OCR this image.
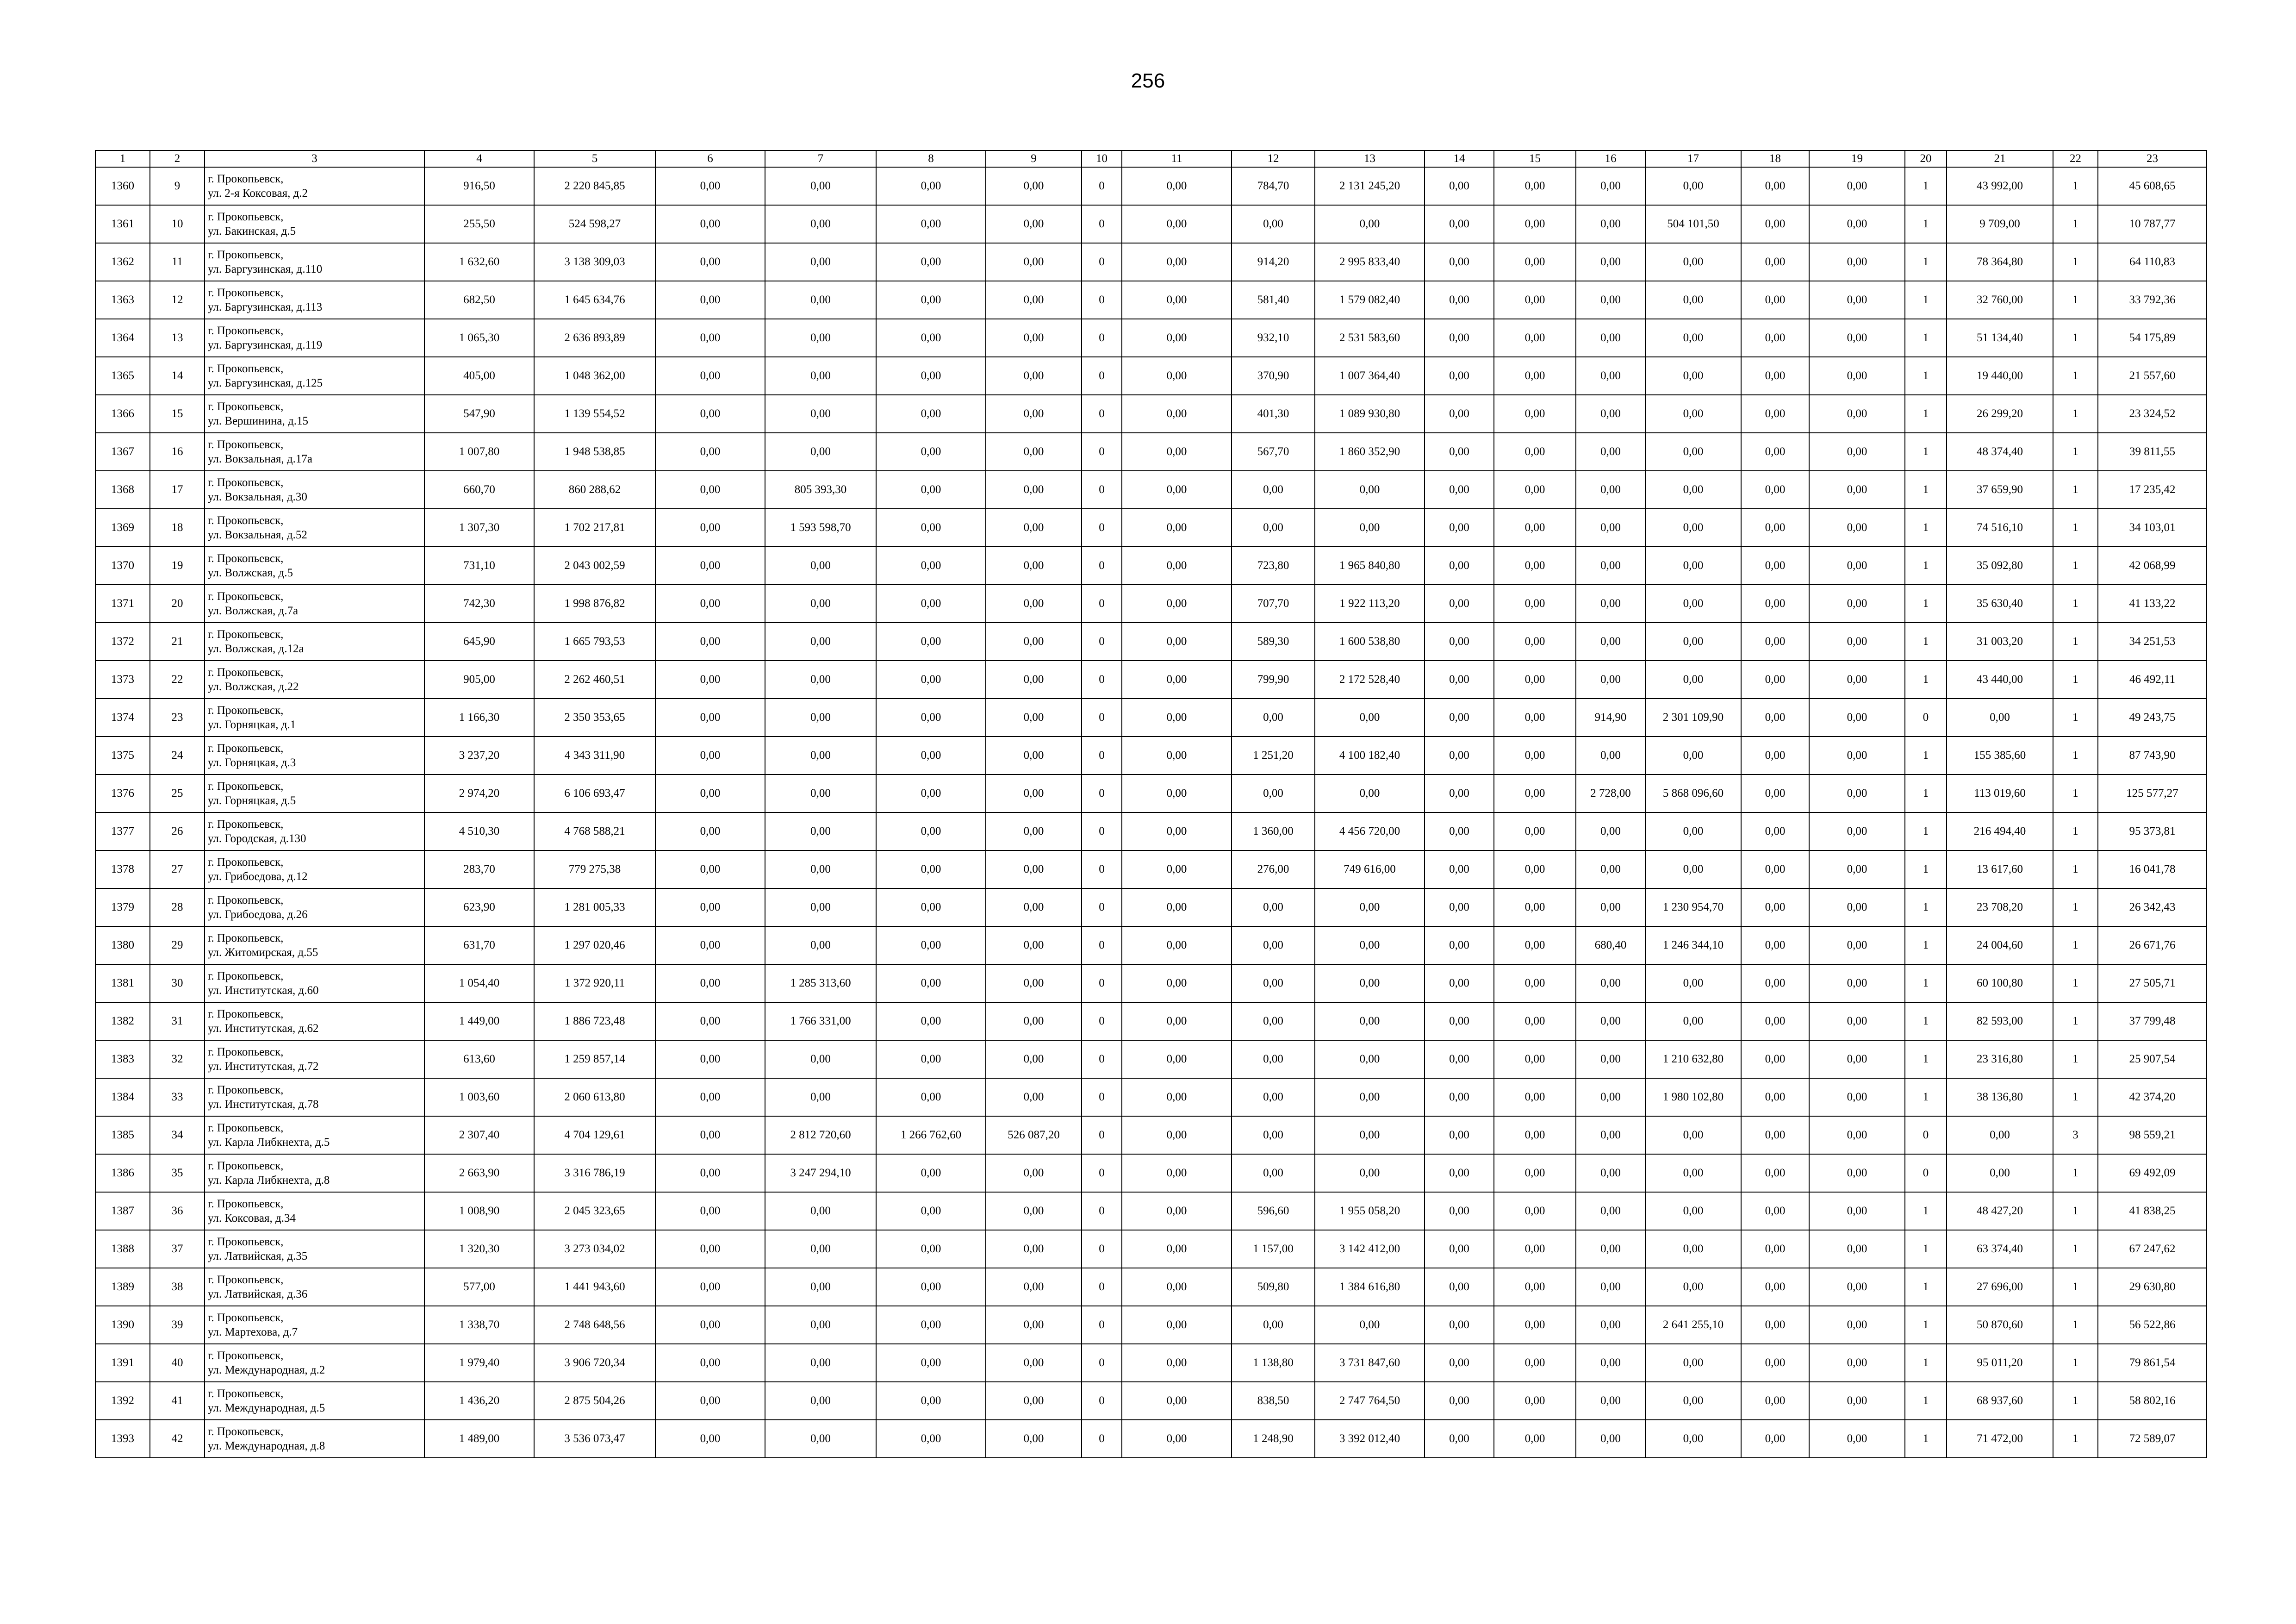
256
1	2	3	4	5	6	7	8	9	10	11	12	13	14	15	16	17	18	19	20	21	22	23
1360	9	г. Прокопьевск,
ул. 2-я Коксовая, д.2	916,50	2 220 845,85	0,00	0,00	0,00	0,00	0	0,00	784,70	2 131 245,20	0,00	0,00	0,00	0,00	0,00	0,00	1	43 992,00	1	45 608,65
1361	10	г. Прокопьевск,
ул. Бакинская, д.5	255,50	524 598,27	0,00	0,00	0,00	0,00	0	0,00	0,00	0,00	0,00	0,00	0,00	504 101,50	0,00	0,00	1	9 709,00	1	10 787,77
1362	11	г. Прокопьевск,
ул. Баргузинская, д.110	1 632,60	3 138 309,03	0,00	0,00	0,00	0,00	0	0,00	914,20	2 995 833,40	0,00	0,00	0,00	0,00	0,00	0,00	1	78 364,80	1	64 110,83
1363	12	г. Прокопьевск,
ул. Баргузинская, д.113	682,50	1 645 634,76	0,00	0,00	0,00	0,00	0	0,00	581,40	1 579 082,40	0,00	0,00	0,00	0,00	0,00	0,00	1	32 760,00	1	33 792,36
1364	13	г. Прокопьевск,
ул. Баргузинская, д.119	1 065,30	2 636 893,89	0,00	0,00	0,00	0,00	0	0,00	932,10	2 531 583,60	0,00	0,00	0,00	0,00	0,00	0,00	1	51 134,40	1	54 175,89
1365	14	г. Прокопьевск,
ул. Баргузинская, д.125	405,00	1 048 362,00	0,00	0,00	0,00	0,00	0	0,00	370,90	1 007 364,40	0,00	0,00	0,00	0,00	0,00	0,00	1	19 440,00	1	21 557,60
1366	15	г. Прокопьевск,
ул. Вершинина, д.15	547,90	1 139 554,52	0,00	0,00	0,00	0,00	0	0,00	401,30	1 089 930,80	0,00	0,00	0,00	0,00	0,00	0,00	1	26 299,20	1	23 324,52
1367	16	г. Прокопьевск,
ул. Вокзальная, д.17а	1 007,80	1 948 538,85	0,00	0,00	0,00	0,00	0	0,00	567,70	1 860 352,90	0,00	0,00	0,00	0,00	0,00	0,00	1	48 374,40	1	39 811,55
1368	17	г. Прокопьевск,
ул. Вокзальная, д.30	660,70	860 288,62	0,00	805 393,30	0,00	0,00	0	0,00	0,00	0,00	0,00	0,00	0,00	0,00	0,00	0,00	1	37 659,90	1	17 235,42
1369	18	г. Прокопьевск,
ул. Вокзальная, д.52	1 307,30	1 702 217,81	0,00	1 593 598,70	0,00	0,00	0	0,00	0,00	0,00	0,00	0,00	0,00	0,00	0,00	0,00	1	74 516,10	1	34 103,01
1370	19	г. Прокопьевск,
ул. Волжская, д.5	731,10	2 043 002,59	0,00	0,00	0,00	0,00	0	0,00	723,80	1 965 840,80	0,00	0,00	0,00	0,00	0,00	0,00	1	35 092,80	1	42 068,99
1371	20	г. Прокопьевск,
ул. Волжская, д.7а	742,30	1 998 876,82	0,00	0,00	0,00	0,00	0	0,00	707,70	1 922 113,20	0,00	0,00	0,00	0,00	0,00	0,00	1	35 630,40	1	41 133,22
1372	21	г. Прокопьевск,
ул. Волжская, д.12а	645,90	1 665 793,53	0,00	0,00	0,00	0,00	0	0,00	589,30	1 600 538,80	0,00	0,00	0,00	0,00	0,00	0,00	1	31 003,20	1	34 251,53
1373	22	г. Прокопьевск,
ул. Волжская, д.22	905,00	2 262 460,51	0,00	0,00	0,00	0,00	0	0,00	799,90	2 172 528,40	0,00	0,00	0,00	0,00	0,00	0,00	1	43 440,00	1	46 492,11
1374	23	г. Прокопьевск,
ул. Горняцкая, д.1	1 166,30	2 350 353,65	0,00	0,00	0,00	0,00	0	0,00	0,00	0,00	0,00	0,00	914,90	2 301 109,90	0,00	0,00	0	0,00	1	49 243,75
1375	24	г. Прокопьевск,
ул. Горняцкая, д.3	3 237,20	4 343 311,90	0,00	0,00	0,00	0,00	0	0,00	1 251,20	4 100 182,40	0,00	0,00	0,00	0,00	0,00	0,00	1	155 385,60	1	87 743,90
1376	25	г. Прокопьевск,
ул. Горняцкая, д.5	2 974,20	6 106 693,47	0,00	0,00	0,00	0,00	0	0,00	0,00	0,00	0,00	0,00	2 728,00	5 868 096,60	0,00	0,00	1	113 019,60	1	125 577,27
1377	26	г. Прокопьевск,
ул. Городская, д.130	4 510,30	4 768 588,21	0,00	0,00	0,00	0,00	0	0,00	1 360,00	4 456 720,00	0,00	0,00	0,00	0,00	0,00	0,00	1	216 494,40	1	95 373,81
1378	27	г. Прокопьевск,
ул. Грибоедова, д.12	283,70	779 275,38	0,00	0,00	0,00	0,00	0	0,00	276,00	749 616,00	0,00	0,00	0,00	0,00	0,00	0,00	1	13 617,60	1	16 041,78
1379	28	г. Прокопьевск,
ул. Грибоедова, д.26	623,90	1 281 005,33	0,00	0,00	0,00	0,00	0	0,00	0,00	0,00	0,00	0,00	0,00	1 230 954,70	0,00	0,00	1	23 708,20	1	26 342,43
1380	29	г. Прокопьевск,
ул. Житомирская, д.55	631,70	1 297 020,46	0,00	0,00	0,00	0,00	0	0,00	0,00	0,00	0,00	0,00	680,40	1 246 344,10	0,00	0,00	1	24 004,60	1	26 671,76
1381	30	г. Прокопьевск,
ул. Институтская, д.60	1 054,40	1 372 920,11	0,00	1 285 313,60	0,00	0,00	0	0,00	0,00	0,00	0,00	0,00	0,00	0,00	0,00	0,00	1	60 100,80	1	27 505,71
1382	31	г. Прокопьевск,
ул. Институтская, д.62	1 449,00	1 886 723,48	0,00	1 766 331,00	0,00	0,00	0	0,00	0,00	0,00	0,00	0,00	0,00	0,00	0,00	0,00	1	82 593,00	1	37 799,48
1383	32	г. Прокопьевск,
ул. Институтская, д.72	613,60	1 259 857,14	0,00	0,00	0,00	0,00	0	0,00	0,00	0,00	0,00	0,00	0,00	1 210 632,80	0,00	0,00	1	23 316,80	1	25 907,54
1384	33	г. Прокопьевск,
ул. Институтская, д.78	1 003,60	2 060 613,80	0,00	0,00	0,00	0,00	0	0,00	0,00	0,00	0,00	0,00	0,00	1 980 102,80	0,00	0,00	1	38 136,80	1	42 374,20
1385	34	г. Прокопьевск,
ул. Карла Либкнехта, д.5	2 307,40	4 704 129,61	0,00	2 812 720,60	1 266 762,60	526 087,20	0	0,00	0,00	0,00	0,00	0,00	0,00	0,00	0,00	0,00	0	0,00	3	98 559,21
1386	35	г. Прокопьевск,
ул. Карла Либкнехта, д.8	2 663,90	3 316 786,19	0,00	3 247 294,10	0,00	0,00	0	0,00	0,00	0,00	0,00	0,00	0,00	0,00	0,00	0,00	0	0,00	1	69 492,09
1387	36	г. Прокопьевск,
ул. Коксовая, д.34	1 008,90	2 045 323,65	0,00	0,00	0,00	0,00	0	0,00	596,60	1 955 058,20	0,00	0,00	0,00	0,00	0,00	0,00	1	48 427,20	1	41 838,25
1388	37	г. Прокопьевск,
ул. Латвийская, д.35	1 320,30	3 273 034,02	0,00	0,00	0,00	0,00	0	0,00	1 157,00	3 142 412,00	0,00	0,00	0,00	0,00	0,00	0,00	1	63 374,40	1	67 247,62
1389	38	г. Прокопьевск,
ул. Латвийская, д.36	577,00	1 441 943,60	0,00	0,00	0,00	0,00	0	0,00	509,80	1 384 616,80	0,00	0,00	0,00	0,00	0,00	0,00	1	27 696,00	1	29 630,80
1390	39	г. Прокопьевск,
ул. Мартехова, д.7	1 338,70	2 748 648,56	0,00	0,00	0,00	0,00	0	0,00	0,00	0,00	0,00	0,00	0,00	2 641 255,10	0,00	0,00	1	50 870,60	1	56 522,86
1391	40	г. Прокопьевск,
ул. Международная, д.2	1 979,40	3 906 720,34	0,00	0,00	0,00	0,00	0	0,00	1 138,80	3 731 847,60	0,00	0,00	0,00	0,00	0,00	0,00	1	95 011,20	1	79 861,54
1392	41	г. Прокопьевск,
ул. Международная, д.5	1 436,20	2 875 504,26	0,00	0,00	0,00	0,00	0	0,00	838,50	2 747 764,50	0,00	0,00	0,00	0,00	0,00	0,00	1	68 937,60	1	58 802,16
1393	42	г. Прокопьевск,
ул. Международная, д.8	1 489,00	3 536 073,47	0,00	0,00	0,00	0,00	0	0,00	1 248,90	3 392 012,40	0,00	0,00	0,00	0,00	0,00	0,00	1	71 472,00	1	72 589,07
